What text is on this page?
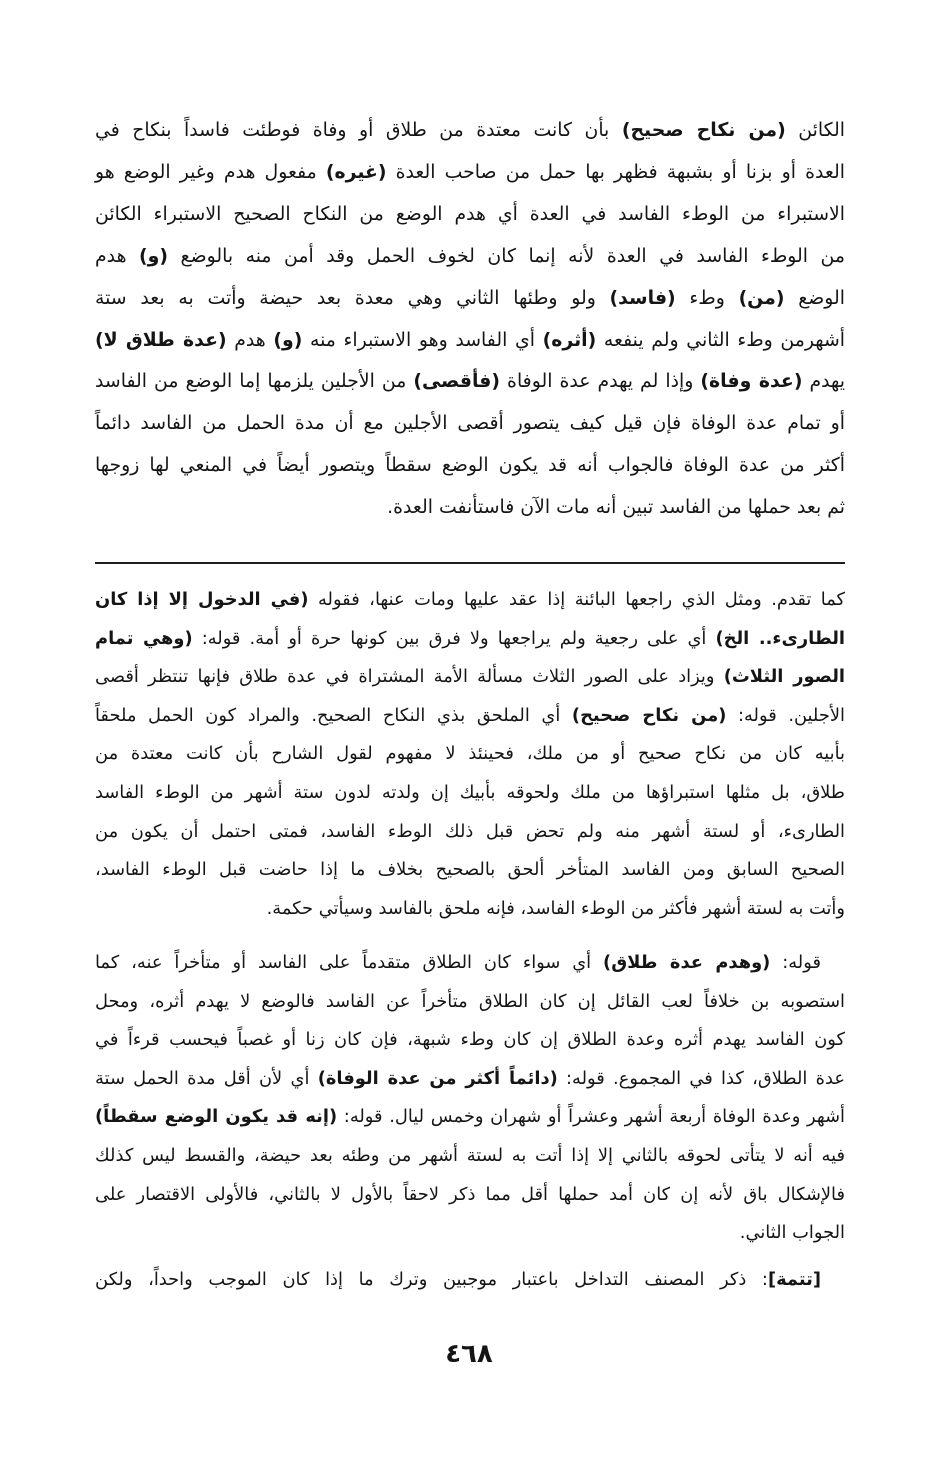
الكائن (من نكاح صحيح) بأن كانت معتدة من طلاق أو وفاة فوطئت فاسداً بنكاح في
العدة أو بزنا أو بشبهة فظهر بها حمل من صاحب العدة (غيره) مفعول هدم وغير الوضع هو
الاستبراء من الوطء الفاسد في العدة أي هدم الوضع من النكاح الصحيح الاستبراء الكائن
من الوطء الفاسد في العدة لأنه إنما كان لخوف الحمل وقد أمن منه بالوضع (و) هدم
الوضع (من) وطء (فاسد) ولو وطئها الثاني وهي معدة بعد حيضة وأتت به بعد ستة
أشهرمن وطء الثاني ولم ينفعه (أثره) أي الفاسد وهو الاستبراء منه (و) هدم (عدة طلاق لا)
يهدم (عدة وفاة) وإذا لم يهدم عدة الوفاة (فأقصى) من الأجلين يلزمها إما الوضع من الفاسد
أو تمام عدة الوفاة فإن قيل كيف يتصور أقصى الأجلين مع أن مدة الحمل من الفاسد دائماً
أكثر من عدة الوفاة فالجواب أنه قد يكون الوضع سقطاً ويتصور أيضاً في المنعي لها زوجها
ثم بعد حملها من الفاسد تبين أنه مات الآن فاستأنفت العدة.
كما تقدم. ومثل الذي راجعها البائنة إذا عقد عليها ومات عنها، فقوله (في الدخول إلا إذا كان
الطارىء.. الخ) أي على رجعية ولم يراجعها ولا فرق بين كونها حرة أو أمة. قوله: (وهي تمام
الصور الثلاث) ويزاد على الصور الثلاث مسألة الأمة المشتراة في عدة طلاق فإنها تنتظر أقصى
الأجلين. قوله: (من نكاح صحيح) أي الملحق بذي النكاح الصحيح. والمراد كون الحمل ملحقاً
بأبيه كان من نكاح صحيح أو من ملك، فحينئذ لا مفهوم لقول الشارح بأن كانت معتدة من
طلاق، بل مثلها استبراؤها من ملك ولحوقه بأبيك إن ولدته لدون ستة أشهر من الوطء الفاسد
الطارىء، أو لستة أشهر منه ولم تحض قبل ذلك الوطء الفاسد، فمتى احتمل أن يكون من
الصحيح السابق ومن الفاسد المتأخر ألحق بالصحيح بخلاف ما إذا حاضت قبل الوطء الفاسد،
وأتت به لستة أشهر فأكثر من الوطء الفاسد، فإنه ملحق بالفاسد وسيأتي حكمة.
قوله: (وهدم عدة طلاق) أي سواء كان الطلاق متقدماً على الفاسد أو متأخراً عنه، كما
استصوبه بن خلافاً لعب القائل إن كان الطلاق متأخراً عن الفاسد فالوضع لا يهدم أثره، ومحل
كون الفاسد يهدم أثره وعدة الطلاق إن كان وطء شبهة، فإن كان زنا أو غصباً فيحسب قرءاً في
عدة الطلاق، كذا في المجموع. قوله: (دائماً أكثر من عدة الوفاة) أي لأن أقل مدة الحمل ستة
أشهر وعدة الوفاة أربعة أشهر وعشراً أو شهران وخمس ليال. قوله: (إنه قد يكون الوضع سقطاً)
فيه أنه لا يتأتى لحوقه بالثاني إلا إذا أتت به لستة أشهر من وطئه بعد حيضة، والقسط ليس كذلك
فالإشكال باق لأنه إن كان أمد حملها أقل مما ذكر لاحقاً بالأول لا بالثاني، فالأولى الاقتصار على
الجواب الثاني.
[تتمة]: ذكر المصنف التداخل باعتبار موجبين وترك ما إذا كان الموجب واحداً، ولكن
٤٦٨
